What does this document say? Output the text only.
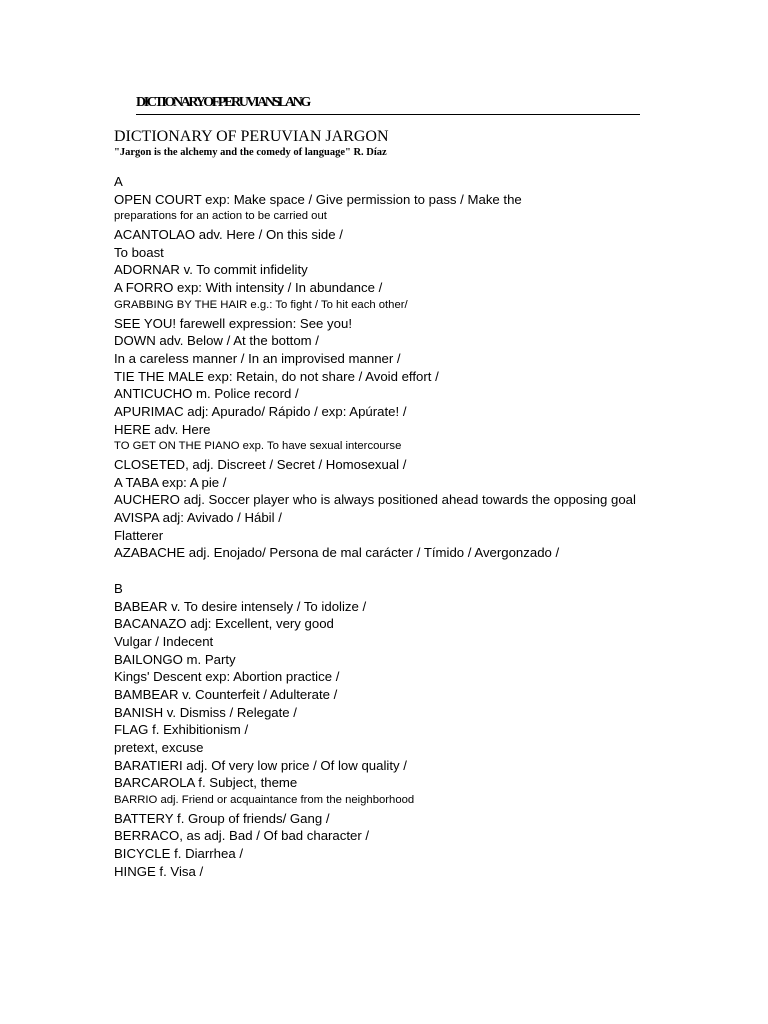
DICTIONARYOFPERUVIANSLANG
DICTIONARY OF PERUVIAN JARGON
"Jargon is the alchemy and the comedy of language" R. Díaz
A
OPEN COURT exp: Make space / Give permission to pass / Make the
preparations for an action to be carried out
ACANTOLAO adv. Here / On this side /
To boast
ADORNAR v. To commit infidelity
A FORRO exp: With intensity / In abundance /
GRABBING BY THE HAIR e.g.: To fight / To hit each other/
SEE YOU! farewell expression: See you!
DOWN adv. Below / At the bottom /
In a careless manner / In an improvised manner /
TIE THE MALE exp: Retain, do not share / Avoid effort /
ANTICUCHO m. Police record /
APURIMAC adj: Apurado/ Rápido / exp: Apúrate! /
HERE adv. Here
TO GET ON THE PIANO exp. To have sexual intercourse
CLOSETED, adj. Discreet / Secret / Homosexual /
A TABA exp: A pie /
AUCHERO adj. Soccer player who is always positioned ahead towards the opposing goal
AVISPA adj: Avivado / Hábil /
Flatterer
AZABACHE adj. Enojado/ Persona de mal carácter / Tímido / Avergonzado /
B
BABEAR v. To desire intensely / To idolize /
BACANAZO adj: Excellent, very good
Vulgar / Indecent
BAILONGO m. Party
Kings' Descent exp: Abortion practice /
BAMBEAR v. Counterfeit / Adulterate /
BANISH v. Dismiss / Relegate /
FLAG f. Exhibitionism /
pretext, excuse
BARATIERI adj. Of very low price / Of low quality /
BARCAROLA f. Subject, theme
BARRIO adj. Friend or acquaintance from the neighborhood
BATTERY f. Group of friends/ Gang /
BERRACO, as adj. Bad / Of bad character /
BICYCLE f. Diarrhea /
HINGE f. Visa /
